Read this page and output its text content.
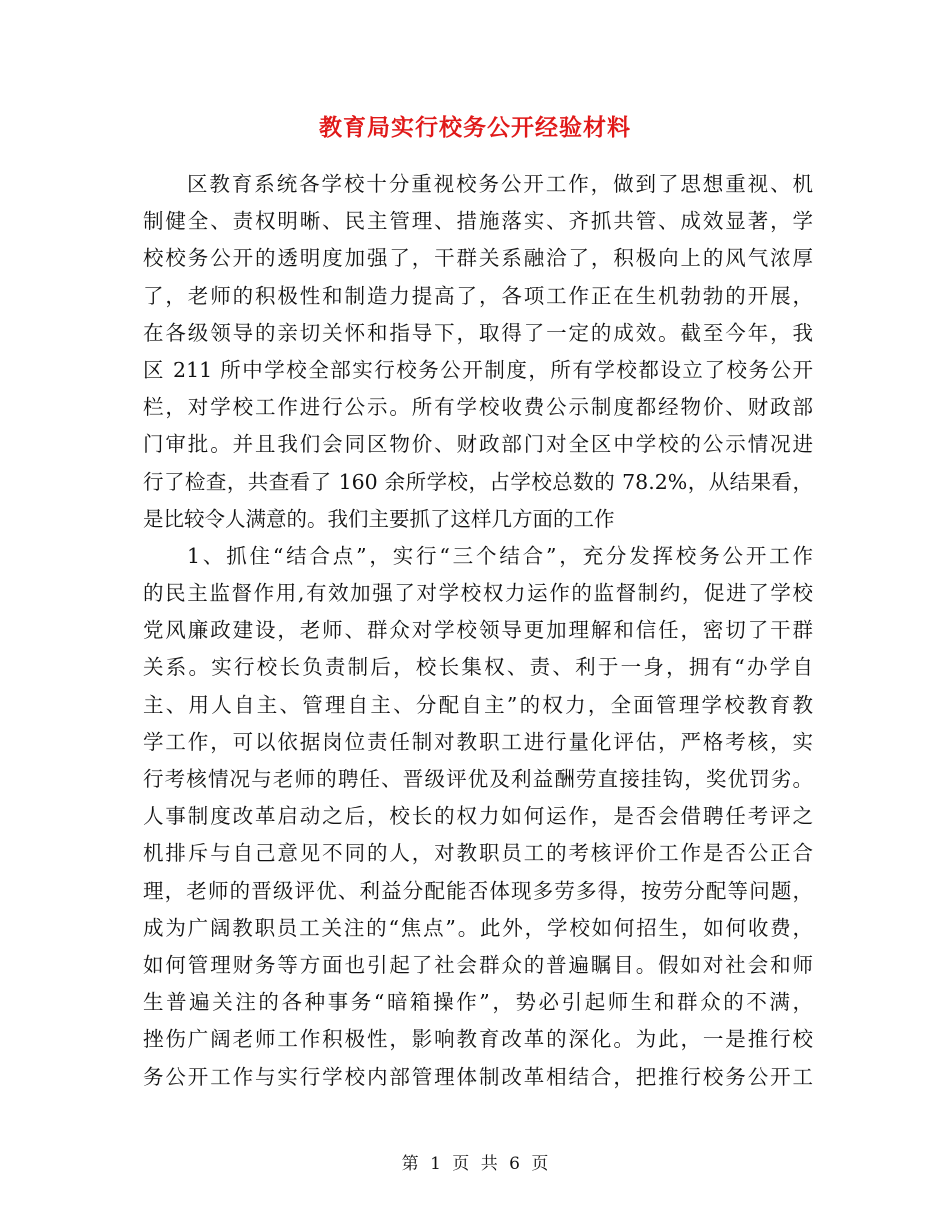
教育局实行校务公开经验材料
区教育系统各学校十分重视校务公开工作，做到了思想重视、机
制健全、责权明晰、民主管理、措施落实、齐抓共管、成效显著，学
校校务公开的透明度加强了，干群关系融洽了，积极向上的风气浓厚
了，老师的积极性和制造力提高了，各项工作正在生机勃勃的开展，
在各级领导的亲切关怀和指导下，取得了一定的成效。截至今年，我
区 211 所中学校全部实行校务公开制度，所有学校都设立了校务公开
栏，对学校工作进行公示。所有学校收费公示制度都经物价、财政部
门审批。并且我们会同区物价、财政部门对全区中学校的公示情况进
行了检查，共查看了 160 余所学校，占学校总数的 78.2%，从结果看，
是比较令人满意的。我们主要抓了这样几方面的工作
1、抓住“结合点”，实行“三个结合”，充分发挥校务公开工作
的民主监督作用,有效加强了对学校权力运作的监督制约，促进了学校
党风廉政建设，老师、群众对学校领导更加理解和信任，密切了干群
关系。实行校长负责制后，校长集权、责、利于一身，拥有“办学自
主、用人自主、管理自主、分配自主”的权力，全面管理学校教育教
学工作，可以依据岗位责任制对教职工进行量化评估，严格考核，实
行考核情况与老师的聘任、晋级评优及利益酬劳直接挂钩，奖优罚劣。
人事制度改革启动之后，校长的权力如何运作，是否会借聘任考评之
机排斥与自己意见不同的人，对教职员工的考核评价工作是否公正合
理，老师的晋级评优、利益分配能否体现多劳多得，按劳分配等问题，
成为广阔教职员工关注的“焦点”。此外，学校如何招生，如何收费，
如何管理财务等方面也引起了社会群众的普遍瞩目。假如对社会和师
生普遍关注的各种事务“暗箱操作”，势必引起师生和群众的不满，
挫伤广阔老师工作积极性，影响教育改革的深化。为此，一是推行校
务公开工作与实行学校内部管理体制改革相结合，把推行校务公开工
第 1 页 共 6 页
